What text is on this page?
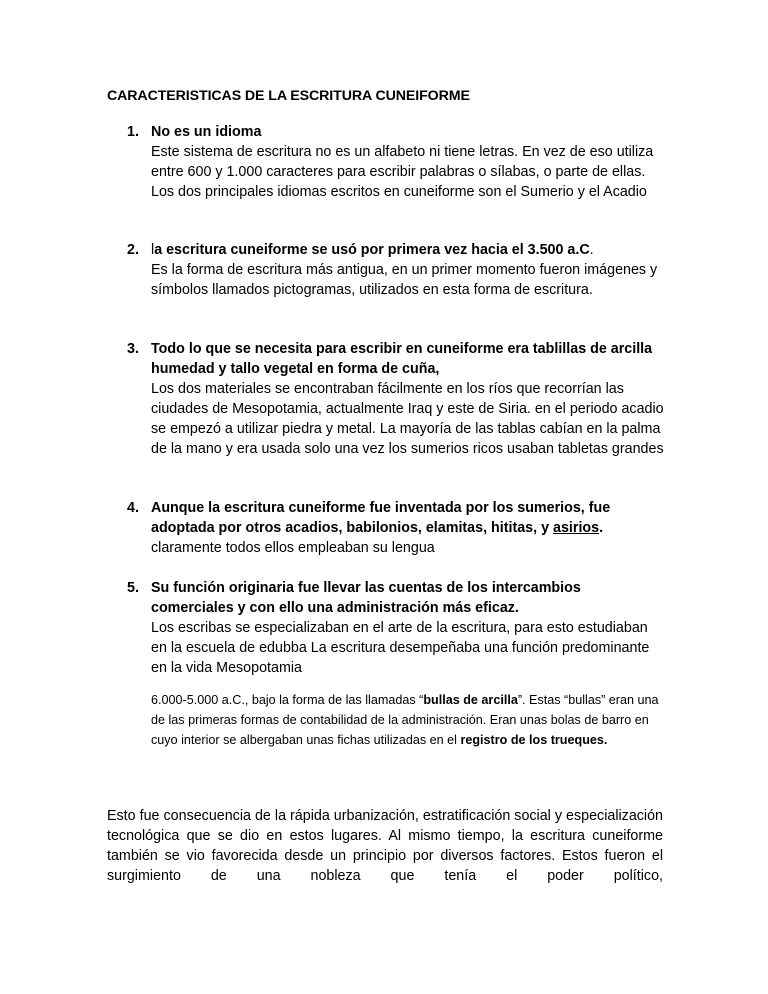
CARACTERISTICAS DE LA ESCRITURA CUNEIFORME
1. No es un idioma
Este sistema de escritura no es un alfabeto ni tiene letras. En vez de eso utiliza entre 600 y 1.000 caracteres para escribir palabras o sílabas, o parte de ellas. Los dos principales idiomas escritos en cuneiforme son el Sumerio y el Acadio
2. la escritura cuneiforme se usó por primera vez hacia el 3.500 a.C.
Es la forma de escritura más antigua, en un primer momento fueron imágenes y símbolos llamados pictogramas, utilizados en esta forma de escritura.
3. Todo lo que se necesita para escribir en cuneiforme era tablillas de arcilla humedad y tallo vegetal en forma de cuña,
Los dos materiales se encontraban fácilmente en los ríos que recorrían las ciudades de Mesopotamia, actualmente Iraq y este de Siria. en el periodo acadio se empezó a utilizar piedra y metal. La mayoría de las tablas cabían en la palma de la mano y era usada solo una vez los sumerios ricos usaban tabletas grandes
4. Aunque la escritura cuneiforme fue inventada por los sumerios, fue adoptada por otros acadios, babilonios, elamitas, hititas, y asirios.
claramente todos ellos empleaban su lengua
5. Su función originaria fue llevar las cuentas de los intercambios comerciales y con ello una administración más eficaz.
Los escribas se especializaban en el arte de la escritura, para esto estudiaban en la escuela de edubba La escritura desempeñaba una función predominante en la vida Mesopotamia
6.000-5.000 a.C., bajo la forma de las llamadas “bullas de arcilla”. Estas “bullas” eran una de las primeras formas de contabilidad de la administración. Eran unas bolas de barro en cuyo interior se albergaban unas fichas utilizadas en el registro de los trueques.
Esto fue consecuencia de la rápida urbanización, estratificación social y especialización tecnológica que se dio en estos lugares. Al mismo tiempo, la escritura cuneiforme también se vio favorecida desde un principio por diversos factores. Estos fueron el surgimiento de una nobleza que tenía el poder político,
